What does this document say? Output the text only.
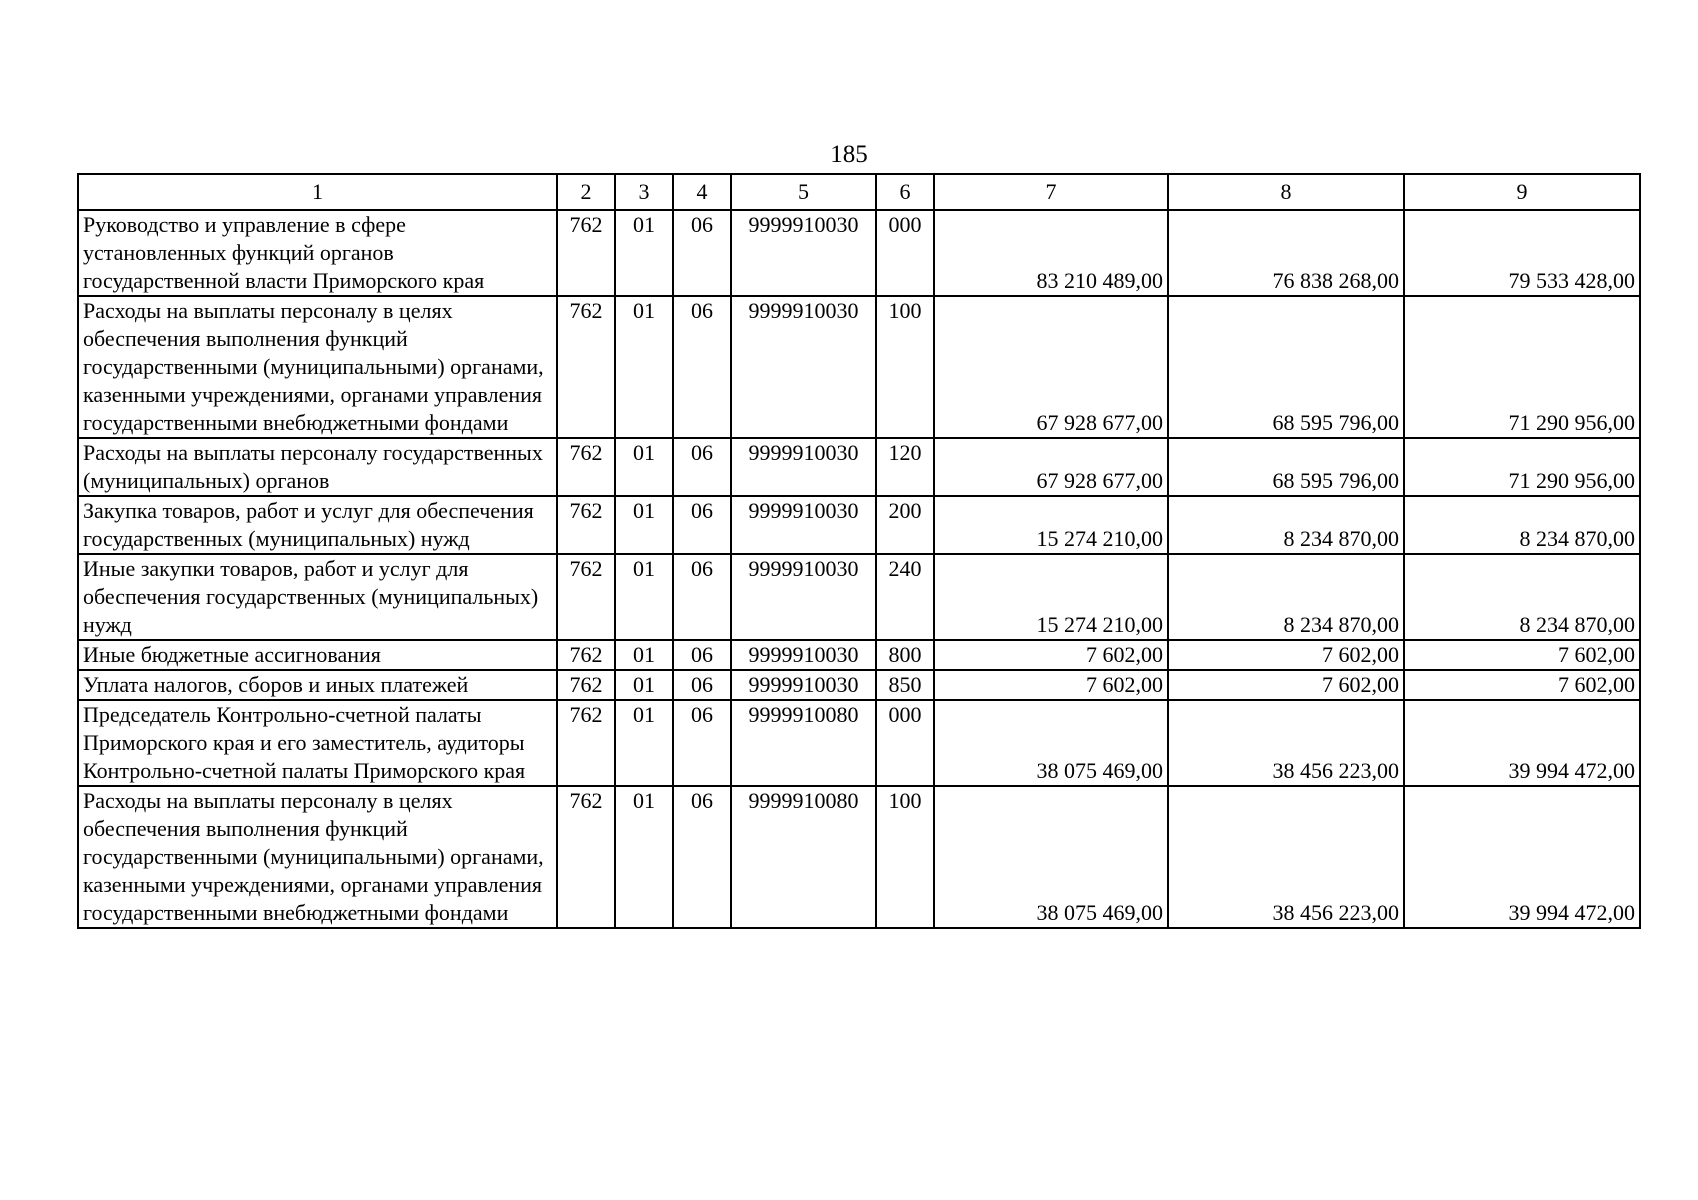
185
1	2	3	4	5	6	7	8	9
Руководство и управление в сфере установленных функций органов государственной власти Приморского края	762	01	06	9999910030	000	83 210 489,00	76 838 268,00	79 533 428,00
Расходы на выплаты персоналу в целях обеспечения выполнения функций государственными (муниципальными) органами, казенными учреждениями, органами управления государственными внебюджетными фондами	762	01	06	9999910030	100	67 928 677,00	68 595 796,00	71 290 956,00
Расходы на выплаты персоналу государственных (муниципальных) органов	762	01	06	9999910030	120	67 928 677,00	68 595 796,00	71 290 956,00
Закупка товаров, работ и услуг для обеспечения государственных (муниципальных) нужд	762	01	06	9999910030	200	15 274 210,00	8 234 870,00	8 234 870,00
Иные закупки товаров, работ и услуг для обеспечения государственных (муниципальных) нужд	762	01	06	9999910030	240	15 274 210,00	8 234 870,00	8 234 870,00
Иные бюджетные ассигнования	762	01	06	9999910030	800	7 602,00	7 602,00	7 602,00
Уплата налогов, сборов и иных платежей	762	01	06	9999910030	850	7 602,00	7 602,00	7 602,00
Председатель Контрольно-счетной палаты Приморского края и его заместитель, аудиторы Контрольно-счетной палаты Приморского края	762	01	06	9999910080	000	38 075 469,00	38 456 223,00	39 994 472,00
Расходы на выплаты персоналу в целях обеспечения выполнения функций государственными (муниципальными) органами, казенными учреждениями, органами управления государственными внебюджетными фондами	762	01	06	9999910080	100	38 075 469,00	38 456 223,00	39 994 472,00
